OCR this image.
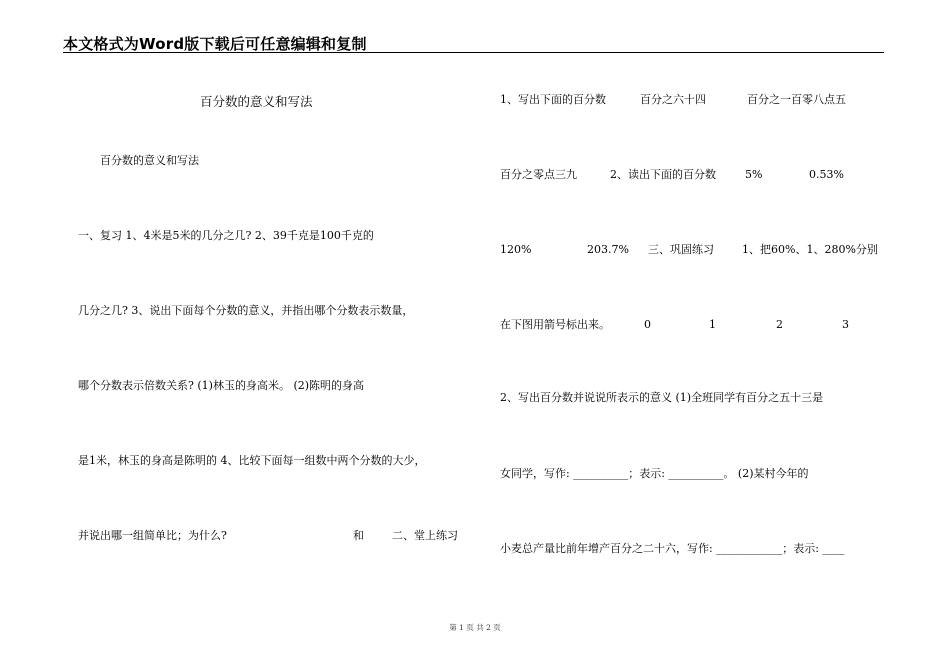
本文格式为Word版下载后可任意编辑和复制
百分数的意义和写法
百分数的意义和写法
一、复习 1、4米是5米的几分之几? 2、39千克是100千克的
几分之几? 3、说出下面每个分数的意义，并指出哪个分数表示数量，
哪个分数表示倍数关系? (1)林玉的身高米。 (2)陈明的身高
是1米，林玉的身高是陈明的 4、比较下面每一组数中两个分数的大少，
并说出哪一组简单比；为什么?	和	二、堂上练习
1、写出下面的百分数	百分之六十四	百分之一百零八点五
百分之零点三九	2、读出下面的百分数	5%	0.53%
120%	203.7% 三、巩固练习	1、把60%、1、280%分别
在下图用箭号标出来。	0	1	2	3
2、写出百分数并说说所表示的意义 (1)全班同学有百分之五十三是
女同学，写作: __________；表示: __________。 (2)某村今年的
小麦总产量比前年增产百分之二十六，写作: ____________；表示: ____
第 1 页 共 2 页
